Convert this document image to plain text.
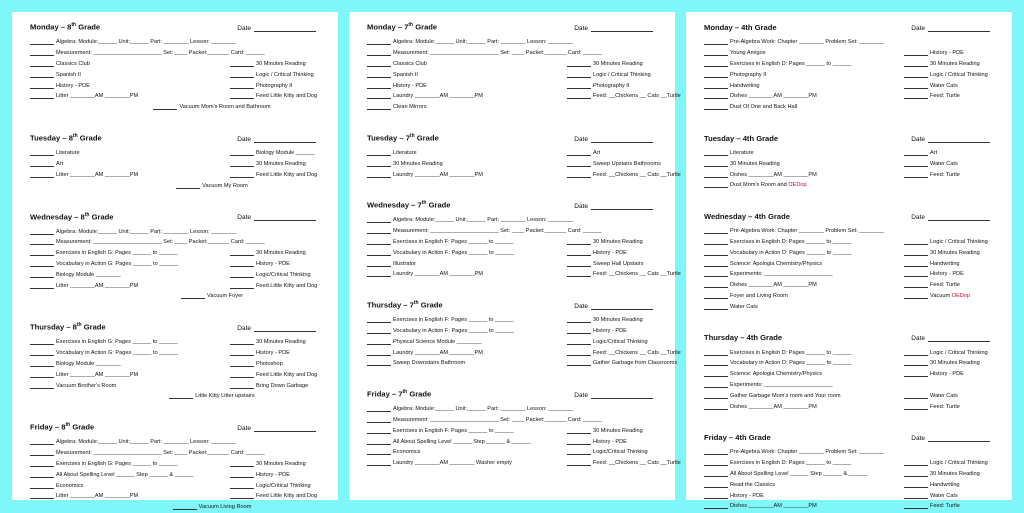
Monday – 8th Grade	Date
Algebra: Module:______ Unit:______ Part: ________ Lesson: ________
Measurement: ______________________ Set: ____ Packet:_______ Card: ______
Classics Club	30 Minutes Reading
Spanish II	Logic / Critical Thinking
History - PDE	Photography II
Litter ________AM ________PM	Feed Little Kitty and Dog
Vacuum Mom's Room and Bathroom
Tuesday – 8th Grade	Date
Literature	Biology Module ______
Art	30 Minutes Reading
Litter ________AM ________PM	Feed Little Kitty and Dog
Vacuum My Room
Wednesday – 8th Grade	Date
Algebra: Module:______ Unit:______ Part: ________ Lesson: ________
Measurement: ______________________ Set: ____ Packet:_______ Card: ______
Exercises in English G: Pages ______ to ______	30 Minutes Reading
Vocabulary in Action G: Pages ______ to ______	History - PDE
Biology Module ________	Logic/Critical Thinking
Litter ________AM ________PM	Feed Little Kitty and Dog
Vacuum Foyer
Thursday – 8th Grade	Date
Exercises in English G: Pages ______ to ______	30 Minutes Reading
Vocabulary in Action G: Pages ______ to ______	History - PDE
Biology Module ________	Photoshop
Litter ________AM ________PM	Feed Little Kitty and Dog
Vacuum Brother's Room	Bring Down Garbage
Little Kitty Litter upstairs
Friday – 8th Grade	Date
Algebra: Module:______ Unit:______ Part: ________ Lesson: ________
Measurement: ______________________ Set: ____ Packet:_______ Card: ______
Exercises in English G: Pages ______ to ______	30 Minutes Reading
All About Spelling Level ______ Step ______ & ______	History - PDE
Economics	Logic/Critical Thinking
Litter ________AM ________PM	Feed Little Kitty and Dog
Vacuum Living Room
Monday – 7th Grade	Date
Algebra: Module:______ Unit:______ Part: ________ Lesson: ________
Measurement: ______________________ Set: ____ Packet:_______ Card: ______
Classics Club	30 Minutes Reading
Spanish II	Logic / Critical Thinking
History - PDE	Photography II
Laundry ________AM ________PM	Feed: __Chickens __ Cats __Turtle
Clean Mirrors
Tuesday – 7th Grade	Date
Literature	Art
30 Minutes Reading	Sweep Upstairs Bathrooms
Laundry ________AM ________PM	Feed: __Chickens __ Cats __Turtle
Wednesday – 7th Grade	Date
Algebra: Module:______ Unit:______ Part: ________ Lesson: ________
Measurement: ______________________ Set: ____ Packet:_______ Card: ______
Exercises in English F: Pages ______ to ______	30 Minutes Reading
Vocabulary in Action F: Pages ______ to ______	History - PDE
Illustrator	Sweep Hall Upstairs
Laundry ________AM ________PM	Feed: __Chickens __ Cats __Turtle
Thursday – 7th Grade	Date
Exercises in English F: Pages ______ to ______	30 Minutes Reading
Vocabulary in Action F: Pages ______ to ______	History - PDE
Physical Science Module ________	Logic/Critical Thinking
Laundry ________AM ________PM	Feed: __Chickens __ Cats __Turtle
Sweep Downstairs Bathroom	Gather Garbage from Classrooms
Friday – 7th Grade	Date
Algebra: Module:______ Unit:______ Part: ________ Lesson: ________
Measurement: ______________________ Set: ____ Packet:_______ Card: ______
Exercises in English F: Pages ______ to ______	30 Minutes Reading
All About Spelling Level ______ Step ______ & ______	History - PDE
Economics	Logic/Critical Thinking
Laundry ________AM ________ Washer empty	Feed: __Chickens __ Cats __Turtle
Monday – 4th Grade	Date
Pre-Algebra Work: Chapter ________ Problem Set: ________
Young Amigos	History - PDE
Exercises in English D: Pages ______ to ______	30 Minutes Reading
Photography II	Logic / Critical Thinking
Handwriting	Water Cats
Dishes ________AM ________PM	Feed: Turtle
Dust Of One and Back Hall
Tuesday – 4th Grade	Date
Literature	Art
30 Minutes Reading	Water Cats
Dishes ________AM ________PM	Feed: Turtle
Dust Mom's Room and OEDop
Wednesday – 4th Grade	Date
Pre-Algebra Work: Chapter ________ Problem Set: ________
Exercises in English D: Pages ______ to ______	Logic / Critical Thinking
Vocabulary in Action D: Pages ______ to ______	30 Minutes Reading
Science: Apologia Chemistry/Physics	Handwriting
Experiments: ______________________	History - PDE
Dishes ________AM ________PM	Feed: Turtle
Foyer and Living Room	Vacuum OEDop
Water Cats
Thursday – 4th Grade	Date
Exercises in English D: Pages ______ to ______	Logic / Critical Thinking
Vocabulary in Action D: Pages ______ to ______	30 Minutes Reading
Science: Apologia Chemistry/Physics	History - PDE
Experiments: ______________________
Gather Garbage Mom's room and Your room	Water Cats
Dishes ________AM ________PM	Feed: Turtle
Friday – 4th Grade	Date
Pre-Algebra Work: Chapter ________ Problem Set: ________
Exercises in English D: Pages ______ to ______	Logic / Critical Thinking
All About Spelling Level ______ Step ______ & ______	30 Minutes Reading
Read the Classics	Handwriting
History - PDE	Water Cats
Dishes ________AM ________PM	Feed: Turtle
